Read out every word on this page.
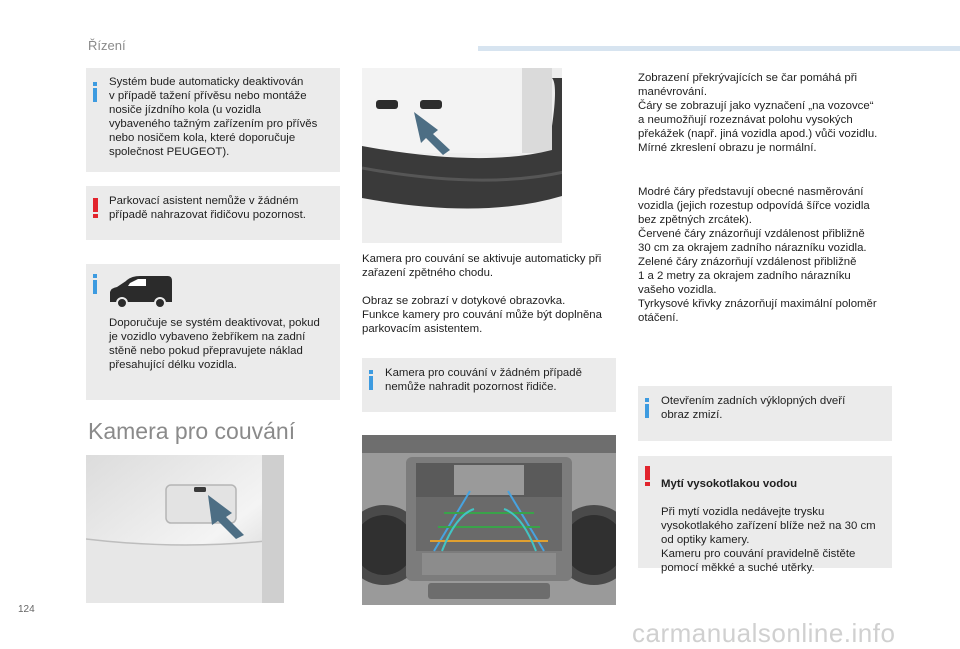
Řízení
Systém bude automaticky deaktivován
v případě tažení přívěsu nebo montáže
nosiče jízdního kola (u vozidla
vybaveného tažným zařízením pro přívěs
nebo nosičem kola, které doporučuje
společnost PEUGEOT).
Parkovací asistent nemůže v žádném
případě nahrazovat řidičovu pozornost.
Doporučuje se systém deaktivovat, pokud
je vozidlo vybaveno žebříkem na zadní
stěně nebo pokud přepravujete náklad
přesahující délku vozidla.
Kamera pro couvání
Kamera pro couvání se aktivuje automaticky při
zařazení zpětného chodu.
Obraz se zobrazí v dotykové obrazovka.
Funkce kamery pro couvání může být doplněna
parkovacím asistentem.
Kamera pro couvání v žádném případě
nemůže nahradit pozornost řidiče.
Zobrazení překrývajících se čar pomáhá při
manévrování.
Čáry se zobrazují jako vyznačení „na vozovce“
a neumožňují rozeznávat polohu vysokých
překážek (např. jiná vozidla apod.) vůči vozidlu.
Mírné zkreslení obrazu je normální.
Modré čáry představují obecné nasměrování
vozidla (jejich rozestup odpovídá šířce vozidla
bez zpětných zrcátek).
Červené čáry znázorňují vzdálenost přibližně
30 cm za okrajem zadního nárazníku vozidla.
Zelené čáry znázorňují vzdálenost přibližně
1 a 2 metry za okrajem zadního nárazníku
vašeho vozidla.
Tyrkysové křivky znázorňují maximální poloměr
otáčení.
Otevřením zadních výklopných dveří
obraz zmizí.

Mytí vysokotlakou vodou

Při mytí vozidla nedávejte trysku
vysokotlakého zařízení blíže než na 30 cm
od optiky kamery.
Kameru pro couvání pravidelně čistěte
pomocí měkké a suché utěrky.

124
carmanualsonline.info
